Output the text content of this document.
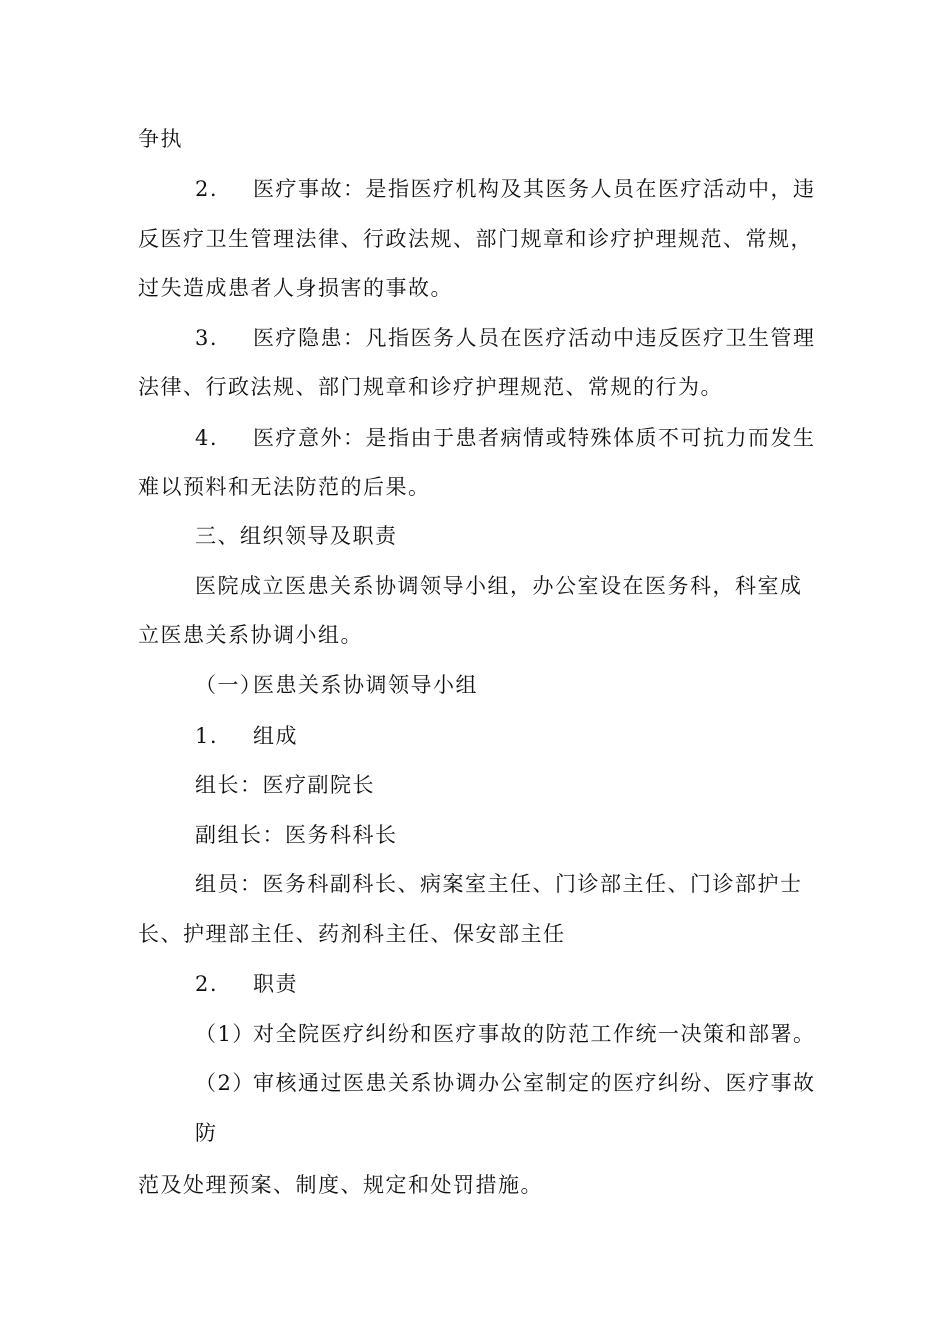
争执
2. 医疗事故：是指医疗机构及其医务人员在医疗活动中，违
反医疗卫生管理法律、行政法规、部门规章和诊疗护理规范、常规，
过失造成患者人身损害的事故。
3. 医疗隐患：凡指医务人员在医疗活动中违反医疗卫生管理
法律、行政法规、部门规章和诊疗护理规范、常规的行为。
4. 医疗意外：是指由于患者病情或特殊体质不可抗力而发生
难以预料和无法防范的后果。
三、组织领导及职责
医院成立医患关系协调领导小组，办公室设在医务科，科室成
立医患关系协调小组。
（一）医患关系协调领导小组
1. 组成
组长：医疗副院长
副组长：医务科科长
组员：医务科副科长、病案室主任、门诊部主任、门诊部护士
长、护理部主任、药剂科主任、保安部主任
2. 职责
（1）对全院医疗纠纷和医疗事故的防范工作统一决策和部署。
（2）审核通过医患关系协调办公室制定的医疗纠纷、医疗事故
防
范及处理预案、制度、规定和处罚措施。
